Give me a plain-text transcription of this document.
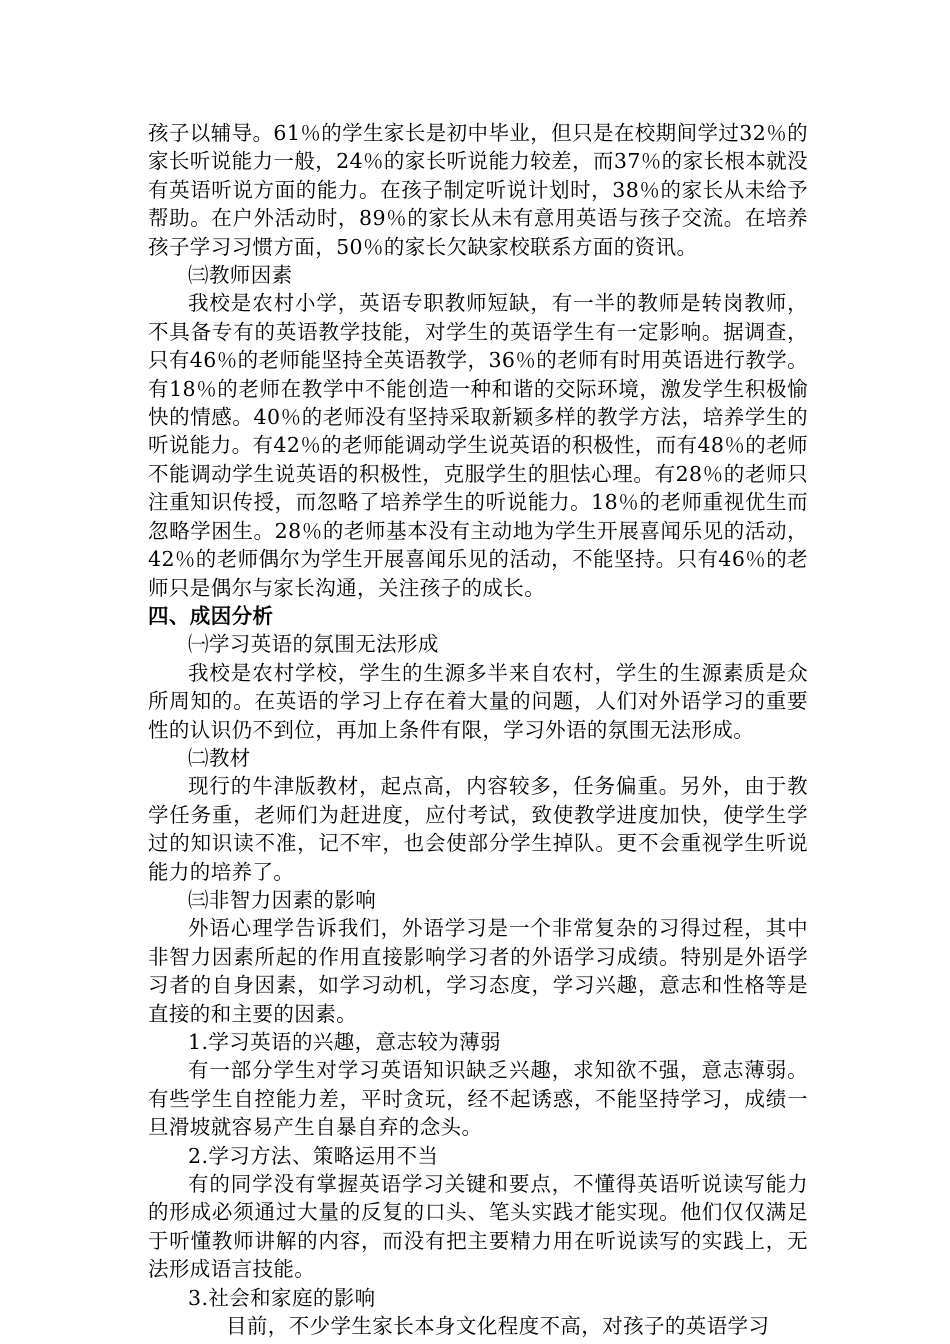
孩子以辅导。61％的学生家长是初中毕业，但只是在校期间学过32％的家长听说能力一般，24％的家长听说能力较差，而37％的家长根本就没有英语听说方面的能力。在孩子制定听说计划时，38％的家长从未给予帮助。在户外活动时，89％的家长从未有意用英语与孩子交流。在培养孩子学习习惯方面，50％的家长欠缺家校联系方面的资讯。

㈢教师因素

我校是农村小学，英语专职教师短缺，有一半的教师是转岗教师，不具备专有的英语教学技能，对学生的英语学生有一定影响。据调查，只有46％的老师能坚持全英语教学，36％的老师有时用英语进行教学。有18％的老师在教学中不能创造一种和谐的交际环境，激发学生积极愉快的情感。40％的老师没有坚持采取新颖多样的教学方法，培养学生的听说能力。有42％的老师能调动学生说英语的积极性，而有48％的老师不能调动学生说英语的积极性，克服学生的胆怯心理。有28％的老师只注重知识传授，而忽略了培养学生的听说能力。18％的老师重视优生而忽略学困生。28％的老师基本没有主动地为学生开展喜闻乐见的活动，42％的老师偶尔为学生开展喜闻乐见的活动，不能坚持。只有46％的老师只是偶尔与家长沟通，关注孩子的成长。

四、成因分析

㈠学习英语的氛围无法形成

我校是农村学校，学生的生源多半来自农村，学生的生源素质是众所周知的。在英语的学习上存在着大量的问题，人们对外语学习的重要性的认识仍不到位，再加上条件有限，学习外语的氛围无法形成。

㈡教材

现行的牛津版教材，起点高，内容较多，任务偏重。另外，由于教学任务重，老师们为赶进度，应付考试，致使教学进度加快，使学生学过的知识读不准，记不牢，也会使部分学生掉队。更不会重视学生听说能力的培养了。

㈢非智力因素的影响

外语心理学告诉我们，外语学习是一个非常复杂的习得过程，其中非智力因素所起的作用直接影响学习者的外语学习成绩。特别是外语学习者的自身因素，如学习动机，学习态度，学习兴趣，意志和性格等是直接的和主要的因素。

1.学习英语的兴趣，意志较为薄弱

有一部分学生对学习英语知识缺乏兴趣，求知欲不强，意志薄弱。有些学生自控能力差，平时贪玩，经不起诱惑，不能坚持学习，成绩一旦滑坡就容易产生自暴自弃的念头。

2.学习方法、策略运用不当

有的同学没有掌握英语学习关键和要点，不懂得英语听说读写能力的形成必须通过大量的反复的口头、笔头实践才能实现。他们仅仅满足于听懂教师讲解的内容，而没有把主要精力用在听说读写的实践上，无法形成语言技能。

3.社会和家庭的影响

目前，不少学生家长本身文化程度不高，对孩子的英语学习
